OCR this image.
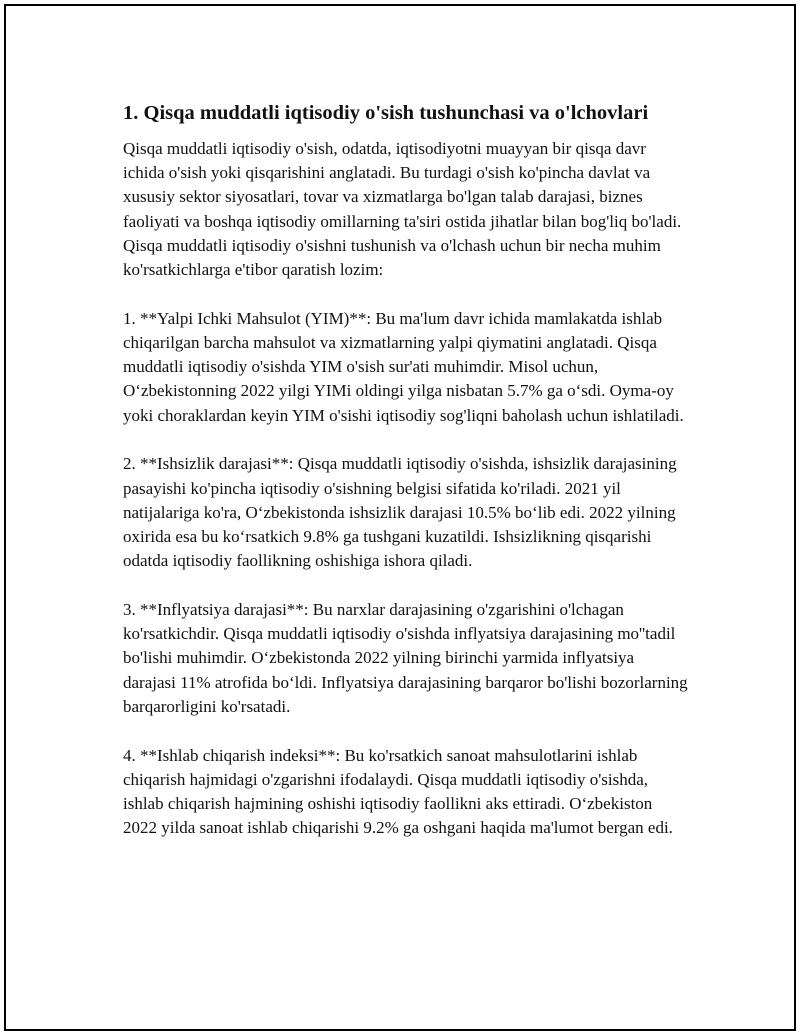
1. Qisqa muddatli iqtisodiy o'sish tushunchasi va o'lchovlari

Qisqa muddatli iqtisodiy o'sish, odatda, iqtisodiyotni muayyan bir qisqa davr ichida o'sish yoki qisqarishini anglatadi. Bu turdagi o'sish ko'pincha davlat va xususiy sektor siyosatlari, tovar va xizmatlarga bo'lgan talab darajasi, biznes faoliyati va boshqa iqtisodiy omillarning ta'siri ostida jihatlar bilan bog'liq bo'ladi. Qisqa muddatli iqtisodiy o'sishni tushunish va o'lchash uchun bir necha muhim ko'rsatkichlarga e'tibor qaratish lozim:

1. **Yalpi Ichki Mahsulot (YIM)**: Bu ma'lum davr ichida mamlakatda ishlab chiqarilgan barcha mahsulot va xizmatlarning yalpi qiymatini anglatadi. Qisqa muddatli iqtisodiy o'sishda YIM o'sish sur'ati muhimdir. Misol uchun, O‘zbekistonning 2022 yilgi YIMi oldingi yilga nisbatan 5.7% ga o‘sdi. Oyma-oy yoki choraklardan keyin YIM o'sishi iqtisodiy sog'liqni baholash uchun ishlatiladi.

2. **Ishsizlik darajasi**: Qisqa muddatli iqtisodiy o'sishda, ishsizlik darajasining pasayishi ko'pincha iqtisodiy o'sishning belgisi sifatida ko'riladi. 2021 yil natijalariga ko'ra, O‘zbekistonda ishsizlik darajasi 10.5% bo‘lib edi. 2022 yilning oxirida esa bu ko‘rsatkich 9.8% ga tushgani kuzatildi. Ishsizlikning qisqarishi odatda iqtisodiy faollikning oshishiga ishora qiladi.

3. **Inflyatsiya darajasi**: Bu narxlar darajasining o'zgarishini o'lchagan ko'rsatkichdir. Qisqa muddatli iqtisodiy o'sishda inflyatsiya darajasining mo''tadil bo'lishi muhimdir. O‘zbekistonda 2022 yilning birinchi yarmida inflyatsiya darajasi 11% atrofida bo‘ldi. Inflyatsiya darajasining barqaror bo'lishi bozorlarning barqarorligini ko'rsatadi.

4. **Ishlab chiqarish indeksi**: Bu ko'rsatkich sanoat mahsulotlarini ishlab chiqarish hajmidagi o'zgarishni ifodalaydi. Qisqa muddatli iqtisodiy o'sishda, ishlab chiqarish hajmining oshishi iqtisodiy faollikni aks ettiradi. O‘zbekiston 2022 yilda sanoat ishlab chiqarishi 9.2% ga oshgani haqida ma'lumot bergan edi.
